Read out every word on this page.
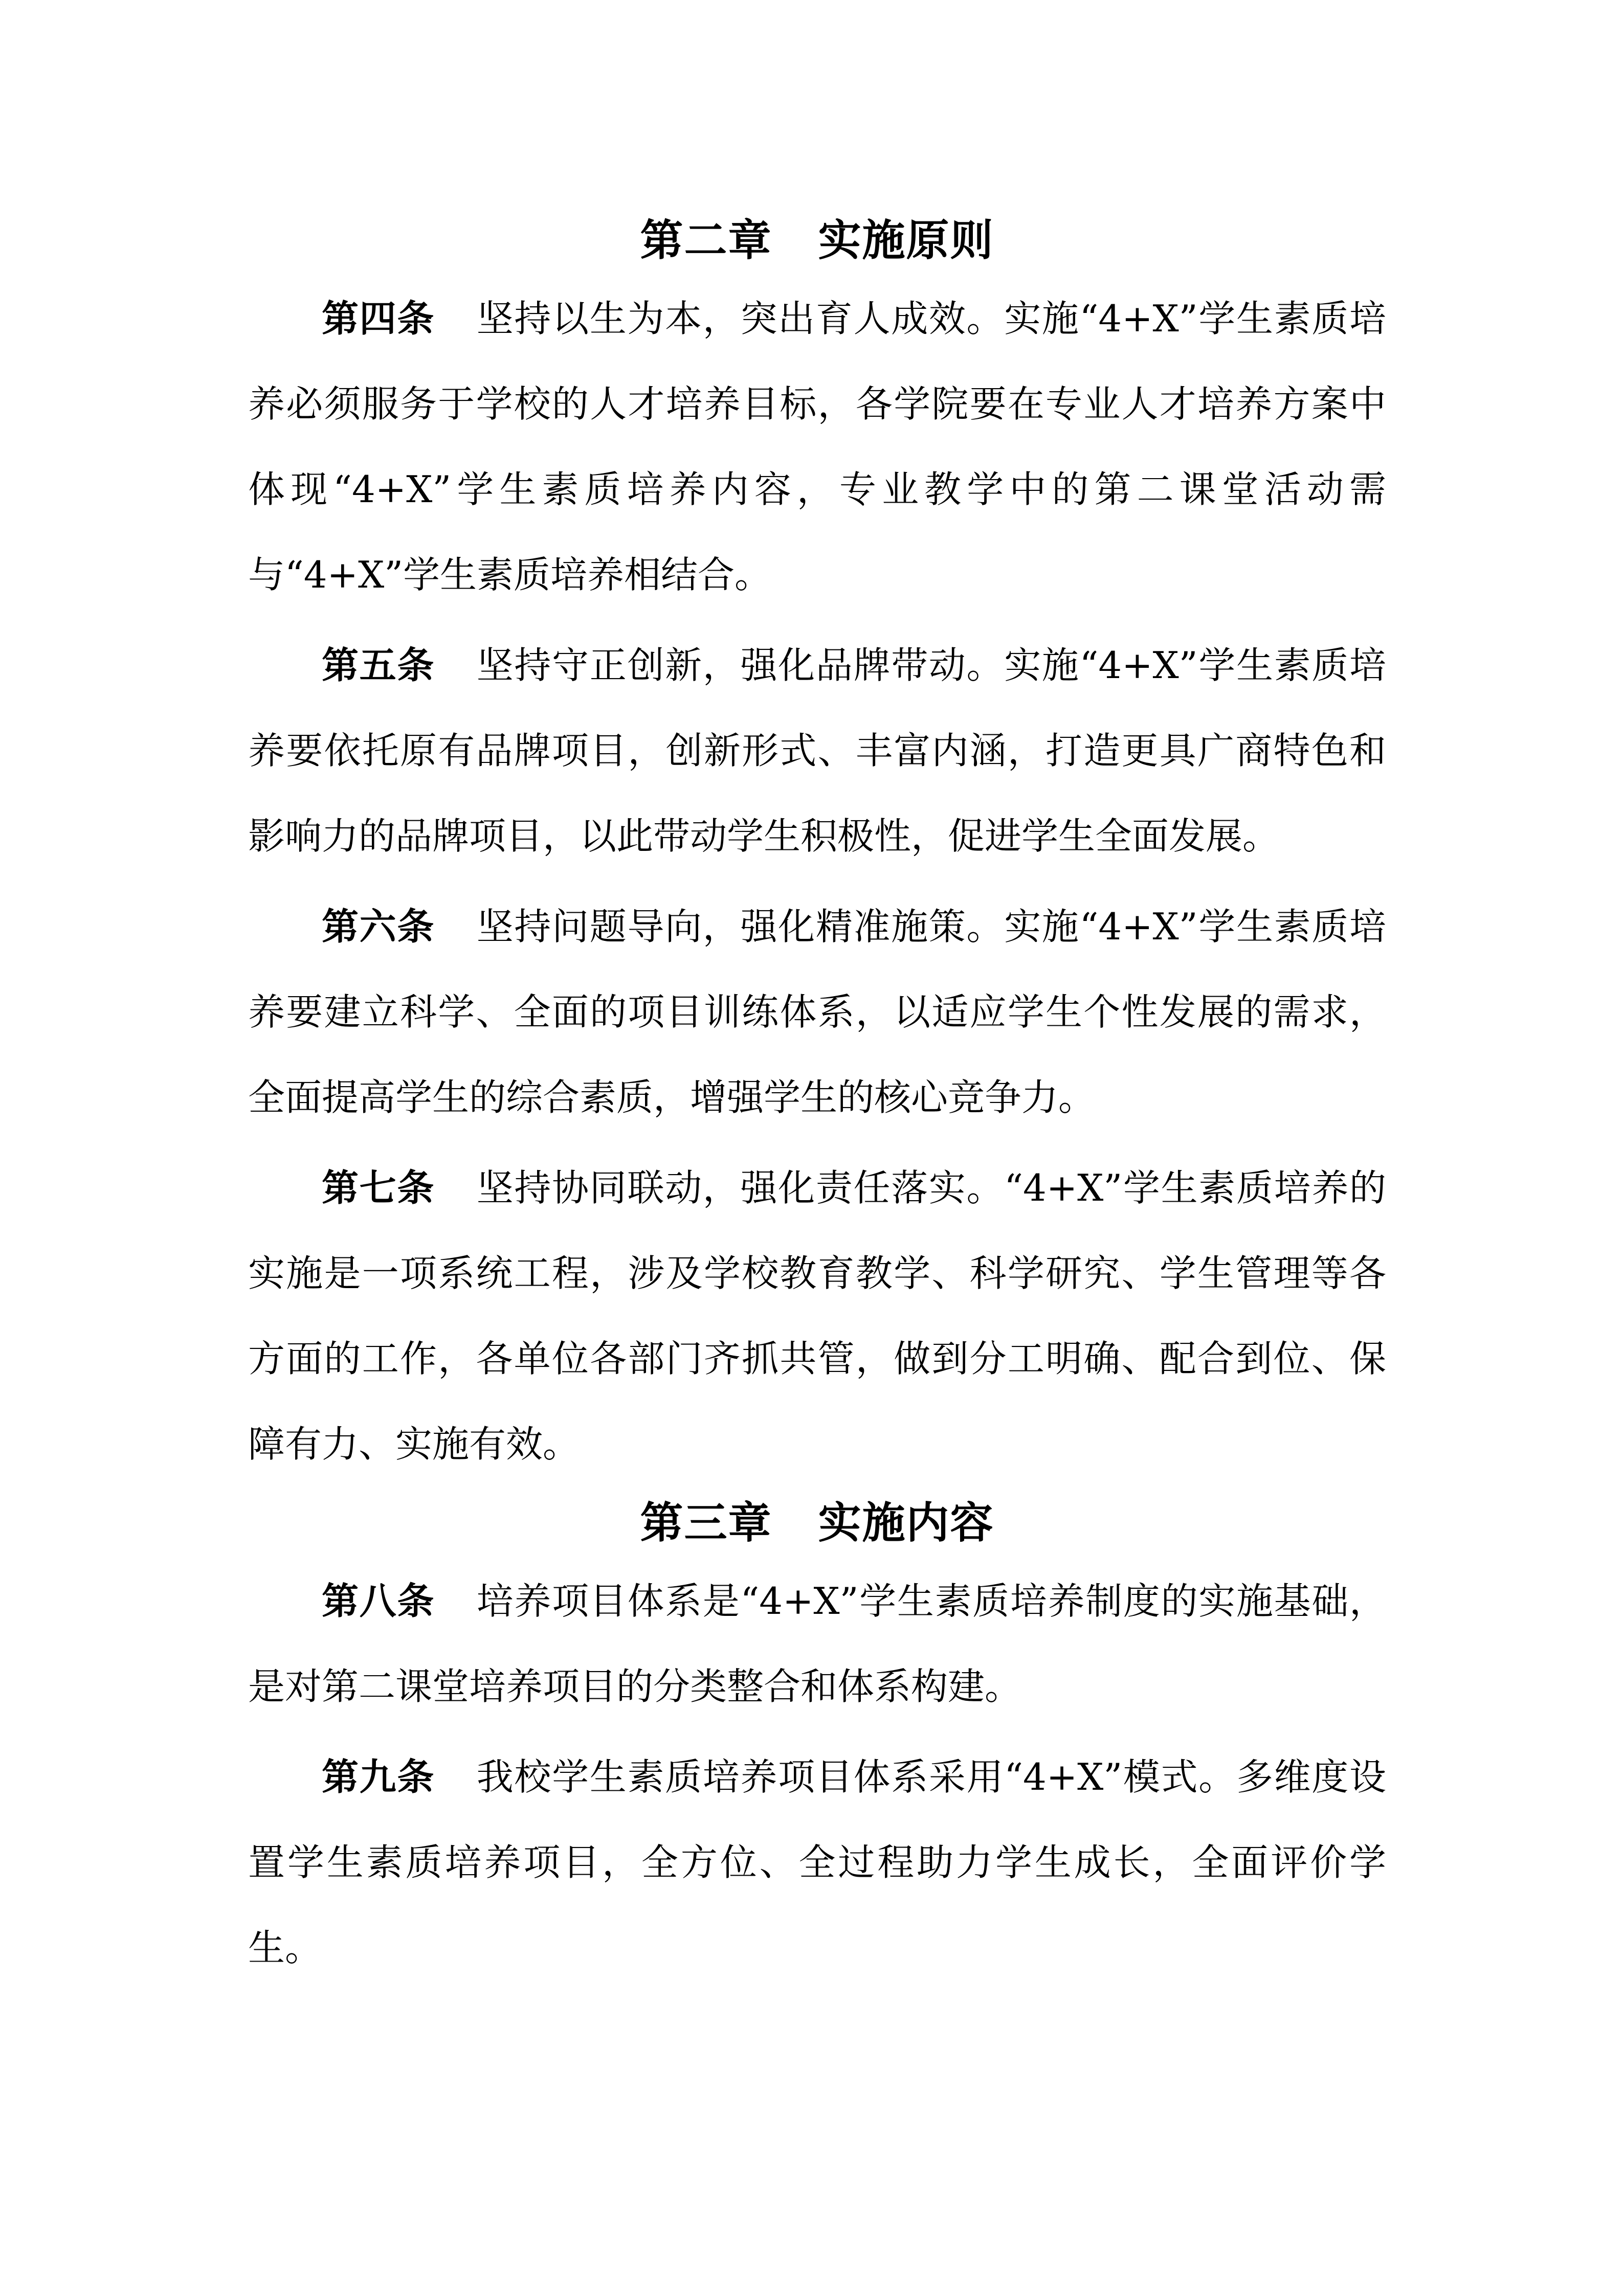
第二章 实施原则

第四条 坚持以生为本，突出育人成效。实施“4+X”学生素质培养必须服务于学校的人才培养目标，各学院要在专业人才培养方案中体现“4+X”学生素质培养内容，专业教学中的第二课堂活动需与“4+X”学生素质培养相结合。

第五条 坚持守正创新，强化品牌带动。实施“4+X”学生素质培养要依托原有品牌项目，创新形式、丰富内涵，打造更具广商特色和影响力的品牌项目，以此带动学生积极性，促进学生全面发展。

第六条 坚持问题导向，强化精准施策。实施“4+X”学生素质培养要建立科学、全面的项目训练体系，以适应学生个性发展的需求，全面提高学生的综合素质，增强学生的核心竞争力。

第七条 坚持协同联动，强化责任落实。“4+X”学生素质培养的实施是一项系统工程，涉及学校教育教学、科学研究、学生管理等各方面的工作，各单位各部门齐抓共管，做到分工明确、配合到位、保障有力、实施有效。

第三章 实施内容

第八条 培养项目体系是“4+X”学生素质培养制度的实施基础，是对第二课堂培养项目的分类整合和体系构建。

第九条 我校学生素质培养项目体系采用“4+X”模式。多维度设置学生素质培养项目，全方位、全过程助力学生成长，全面评价学生。
